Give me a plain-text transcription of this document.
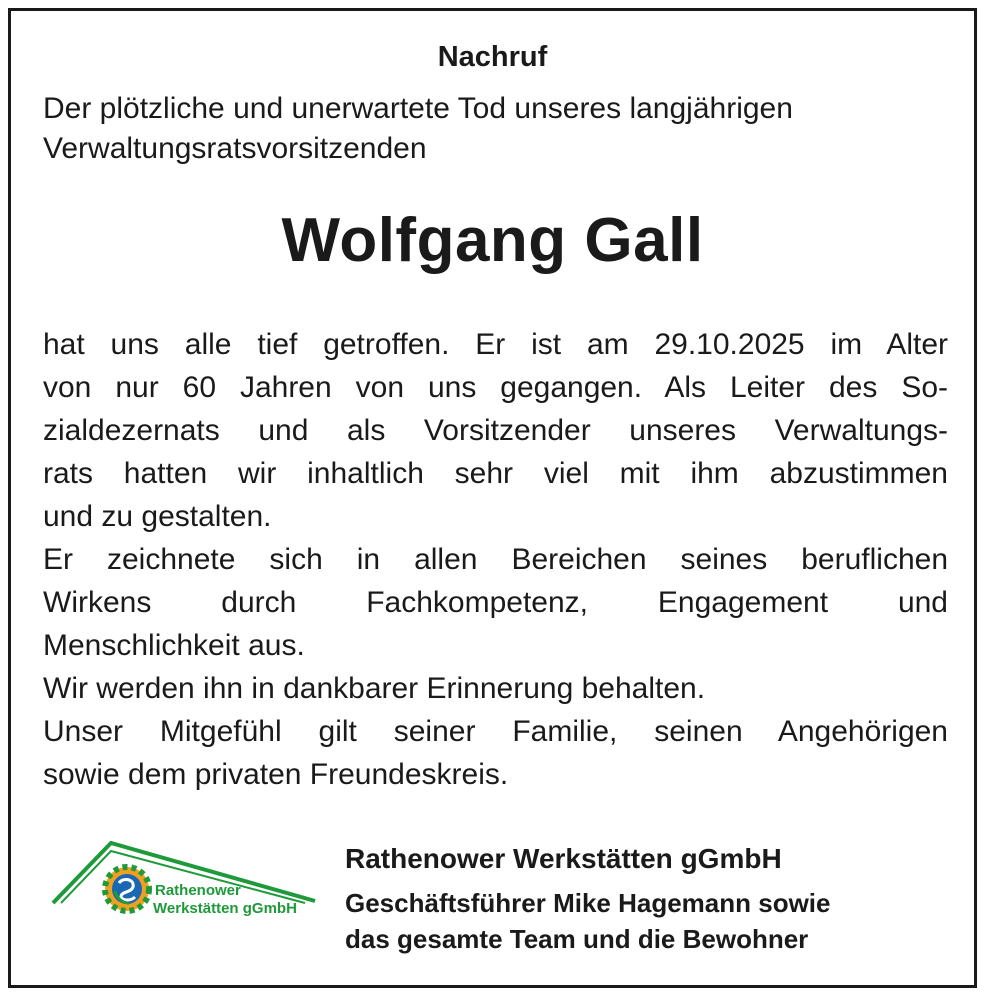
Nachruf
Der plötzliche und unerwartete Tod unseres langjährigen
Verwaltungsratsvorsitzenden
Wolfgang Gall
hat uns alle tief getroffen. Er ist am 29.10.2025 im Alter
von nur 60 Jahren von uns gegangen. Als Leiter des So-
zialdezernats und als Vorsitzender unseres Verwaltungs-
rats hatten wir inhaltlich sehr viel mit ihm abzustimmen
und zu gestalten.
Er zeichnete sich in allen Bereichen seines beruflichen
Wirkens durch Fachkompetenz, Engagement und
Menschlichkeit aus.
Wir werden ihn in dankbarer Erinnerung behalten.
Unser Mitgefühl gilt seiner Familie, seinen Angehörigen
sowie dem privaten Freundeskreis.
Rathenower
Werkstätten gGmbH
Rathenower Werkstätten gGmbH
Geschäftsführer Mike Hagemann sowie
das gesamte Team und die Bewohner
